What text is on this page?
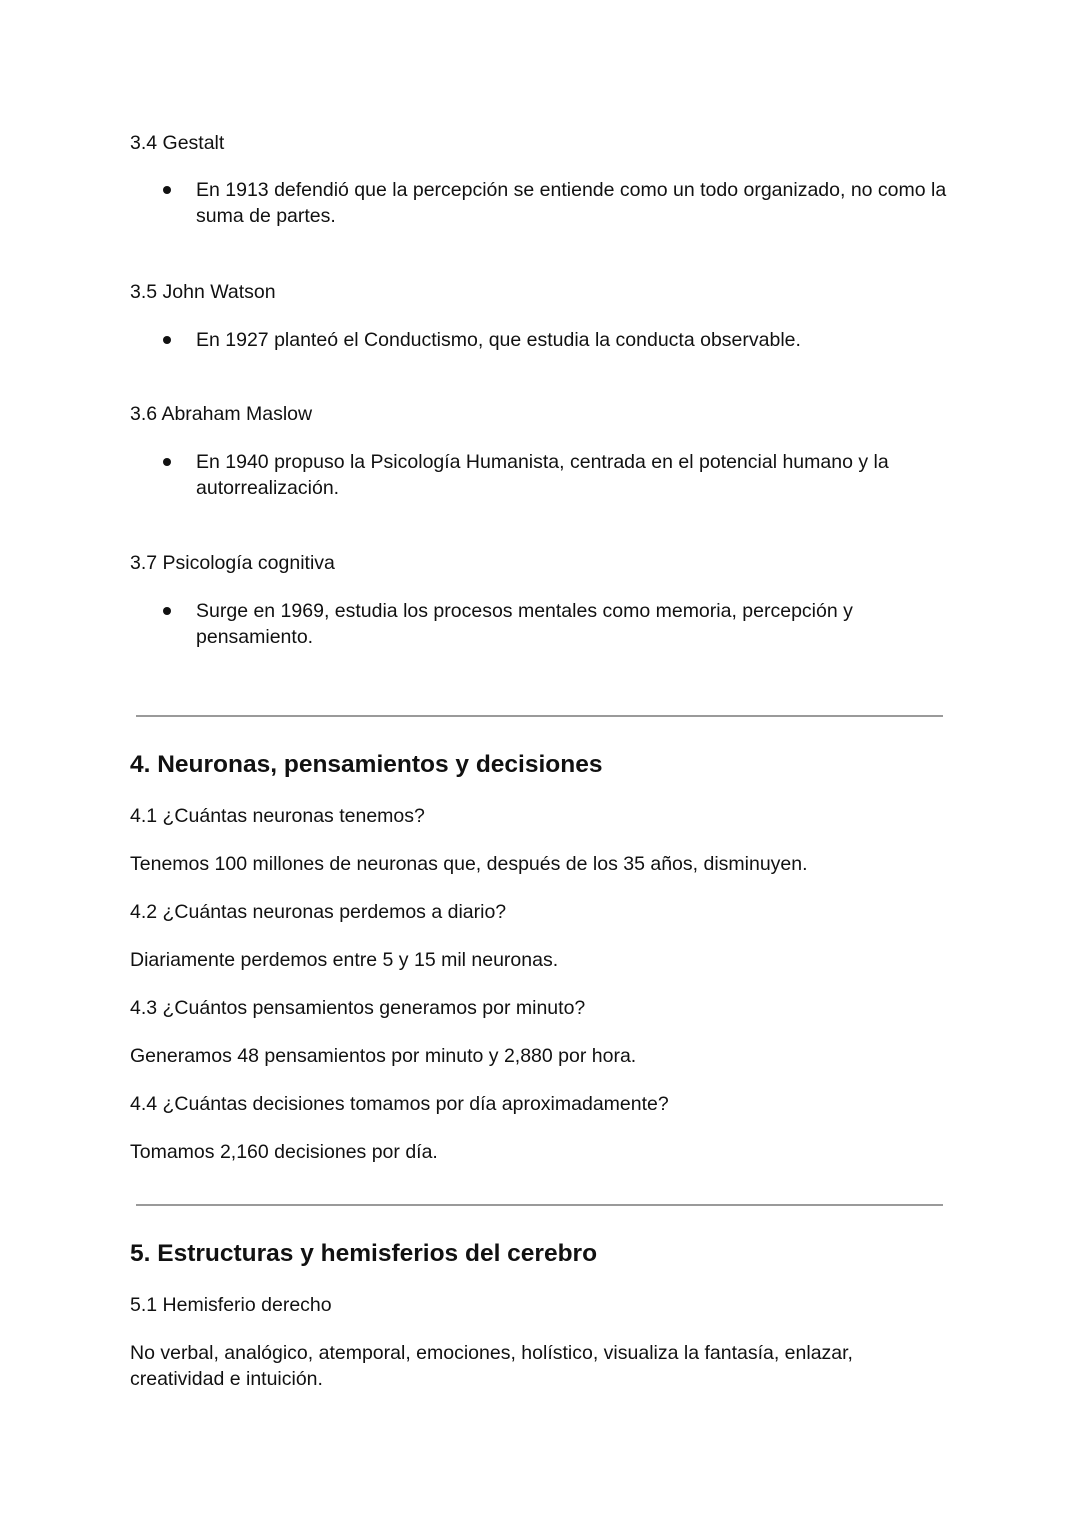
3.4 Gestalt
En 1913 defendió que la percepción se entiende como un todo organizado, no como la suma de partes.
3.5 John Watson
En 1927 planteó el Conductismo, que estudia la conducta observable.
3.6 Abraham Maslow
En 1940 propuso la Psicología Humanista, centrada en el potencial humano y la autorrealización.
3.7 Psicología cognitiva
Surge en 1969, estudia los procesos mentales como memoria, percepción y pensamiento.
4. Neuronas, pensamientos y decisiones
4.1 ¿Cuántas neuronas tenemos?
Tenemos 100 millones de neuronas que, después de los 35 años, disminuyen.
4.2 ¿Cuántas neuronas perdemos a diario?
Diariamente perdemos entre 5 y 15 mil neuronas.
4.3 ¿Cuántos pensamientos generamos por minuto?
Generamos 48 pensamientos por minuto y 2,880 por hora.
4.4 ¿Cuántas decisiones tomamos por día aproximadamente?
Tomamos 2,160 decisiones por día.
5. Estructuras y hemisferios del cerebro
5.1 Hemisferio derecho
No verbal, analógico, atemporal, emociones, holístico, visualiza la fantasía, enlazar, creatividad e intuición.
